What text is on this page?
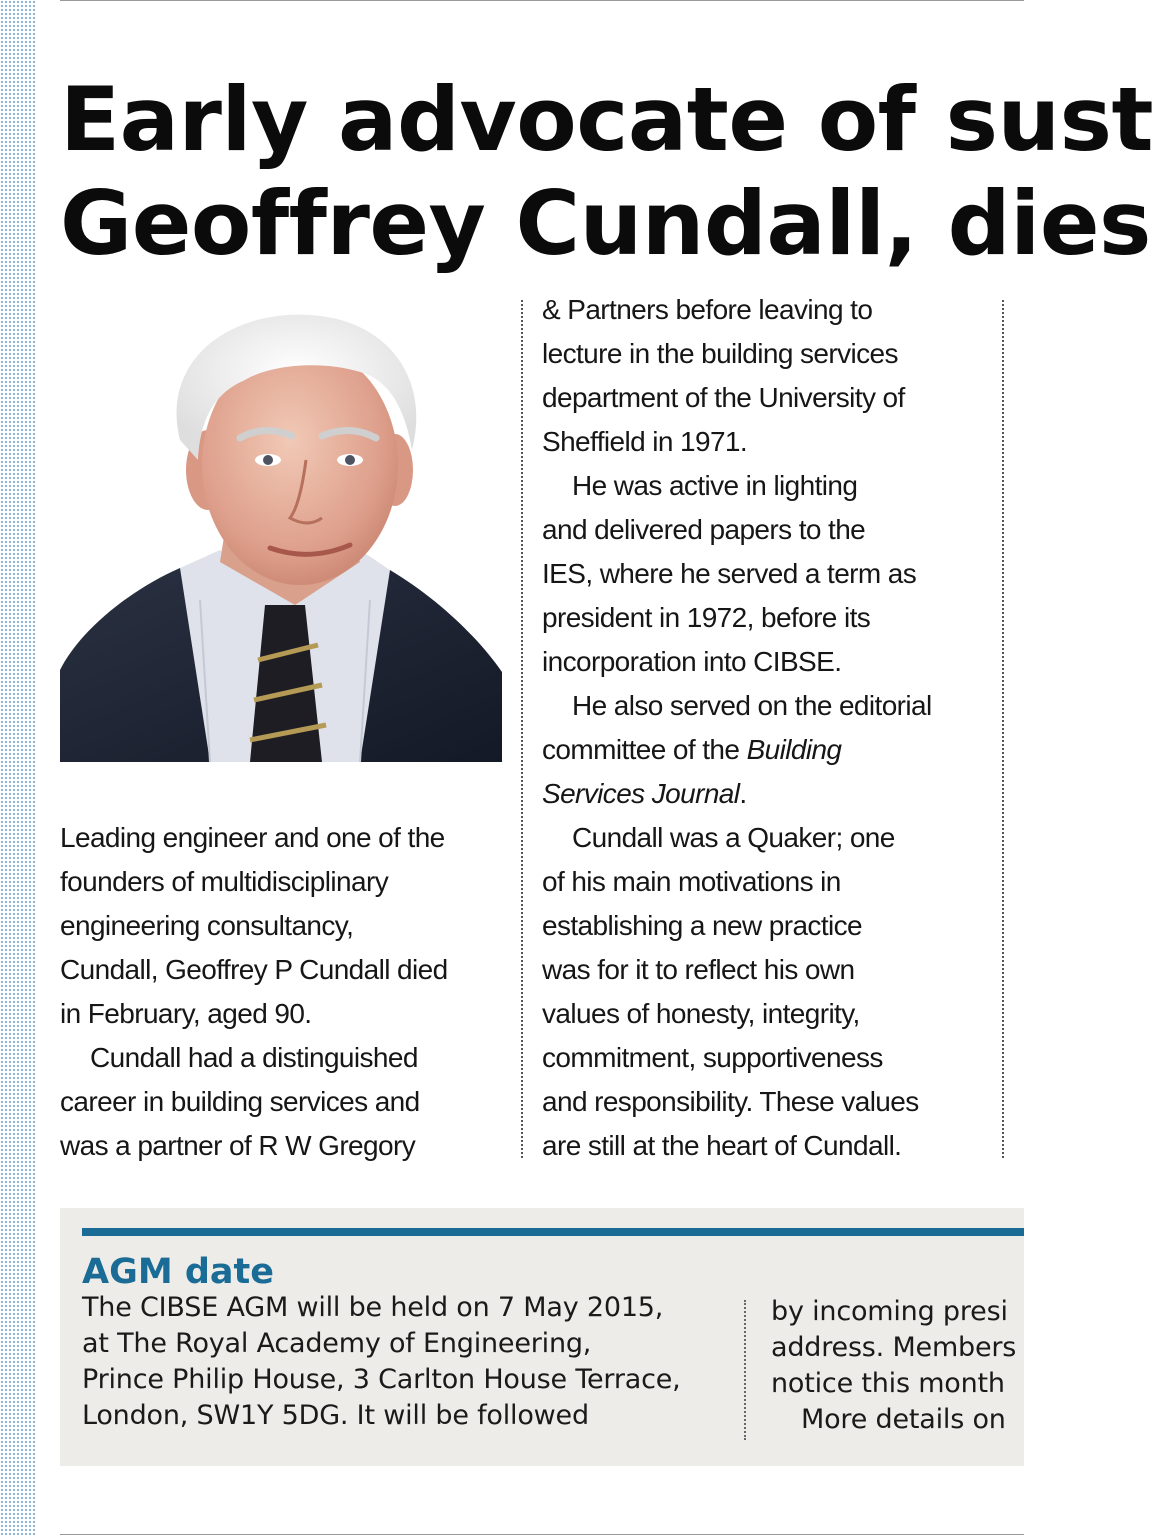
Early advocate of sust
Geoffrey Cundall, dies
Leading engineer and one of the
founders of multidisciplinary
engineering consultancy,
Cundall, Geoffrey P Cundall died
in February, aged 90.
Cundall had a distinguished
career in building services and
was a partner of R W Gregory
& Partners before leaving to
lecture in the building services
department of the University of
Sheffield in 1971.
He was active in lighting
and delivered papers to the
IES, where he served a term as
president in 1972, before its
incorporation into CIBSE.
He also served on the editorial
committee of the Building
Services Journal.
Cundall was a Quaker; one
of his main motivations in
establishing a new practice
was for it to reflect his own
values of honesty, integrity,
commitment, supportiveness
and responsibility. These values
are still at the heart of Cundall.
AGM date
The CIBSE AGM will be held on 7 May 2015,
at The Royal Academy of Engineering,
Prince Philip House, 3 Carlton House Terrace,
London, SW1Y 5DG. It will be followed
by incoming presi
address. Members
notice this month
More details on
